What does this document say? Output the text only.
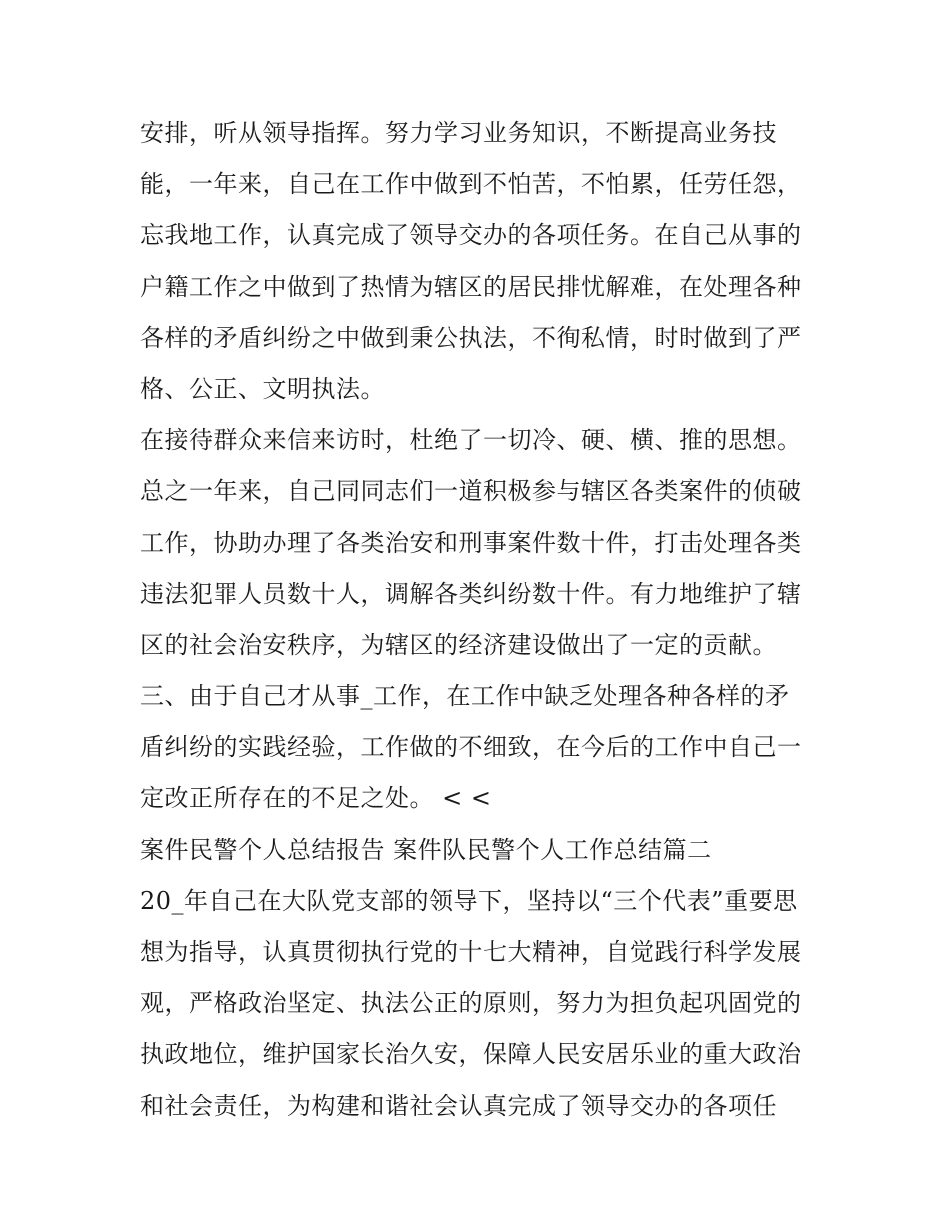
安排，听从领导指挥。努力学习业务知识，不断提高业务技
能，一年来，自己在工作中做到不怕苦，不怕累，任劳任怨，
忘我地工作，认真完成了领导交办的各项任务。在自己从事的
户籍工作之中做到了热情为辖区的居民排忧解难，在处理各种
各样的矛盾纠纷之中做到秉公执法，不徇私情，时时做到了严
格、公正、文明执法。
在接待群众来信来访时，杜绝了一切冷、硬、横、推的思想。
总之一年来，自己同同志们一道积极参与辖区各类案件的侦破
工作，协助办理了各类治安和刑事案件数十件，打击处理各类
违法犯罪人员数十人，调解各类纠纷数十件。有力地维护了辖
区的社会治安秩序，为辖区的经济建设做出了一定的贡献。
三、由于自己才从事_工作，在工作中缺乏处理各种各样的矛
盾纠纷的实践经验，工作做的不细致，在今后的工作中自己一
定改正所存在的不足之处。 < <
案件民警个人总结报告 案件队民警个人工作总结篇二
20_年自己在大队党支部的领导下，坚持以“三个代表”重要思
想为指导，认真贯彻执行党的十七大精神，自觉践行科学发展
观，严格政治坚定、执法公正的原则，努力为担负起巩固党的
执政地位，维护国家长治久安，保障人民安居乐业的重大政治
和社会责任，为构建和谐社会认真完成了领导交办的各项任
